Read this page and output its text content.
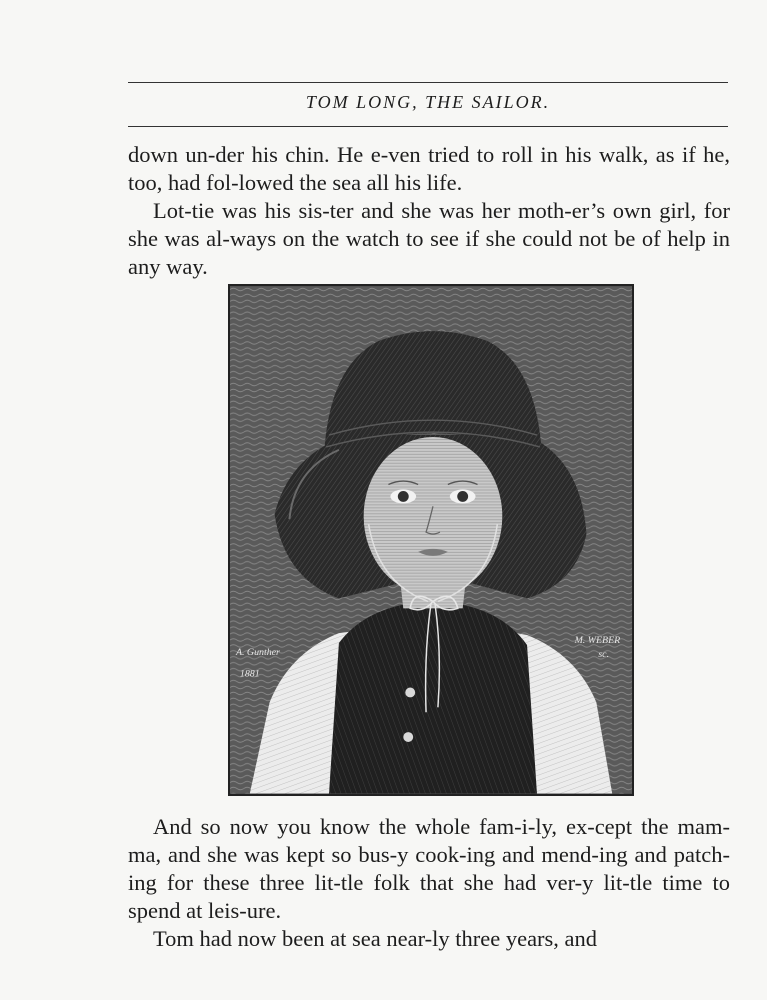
TOM LONG, THE SAILOR.

down un-der his chin. He e-ven tried to roll in his walk, as if he, too, had fol-lowed the sea all his life.

Lot-tie was his sis-ter and she was her moth-er’s own girl, for she was al-ways on the watch to see if she could not be of help in any way.

A. Gunther
1881
M. WEBER
sc.

And so now you know the whole fam-i-ly, ex-cept the mam-ma, and she was kept so bus-y cook-ing and mend-ing and patch-ing for these three lit-tle folk that she had ver-y lit-tle time to spend at leis-ure.

Tom had now been at sea near-ly three years, and
